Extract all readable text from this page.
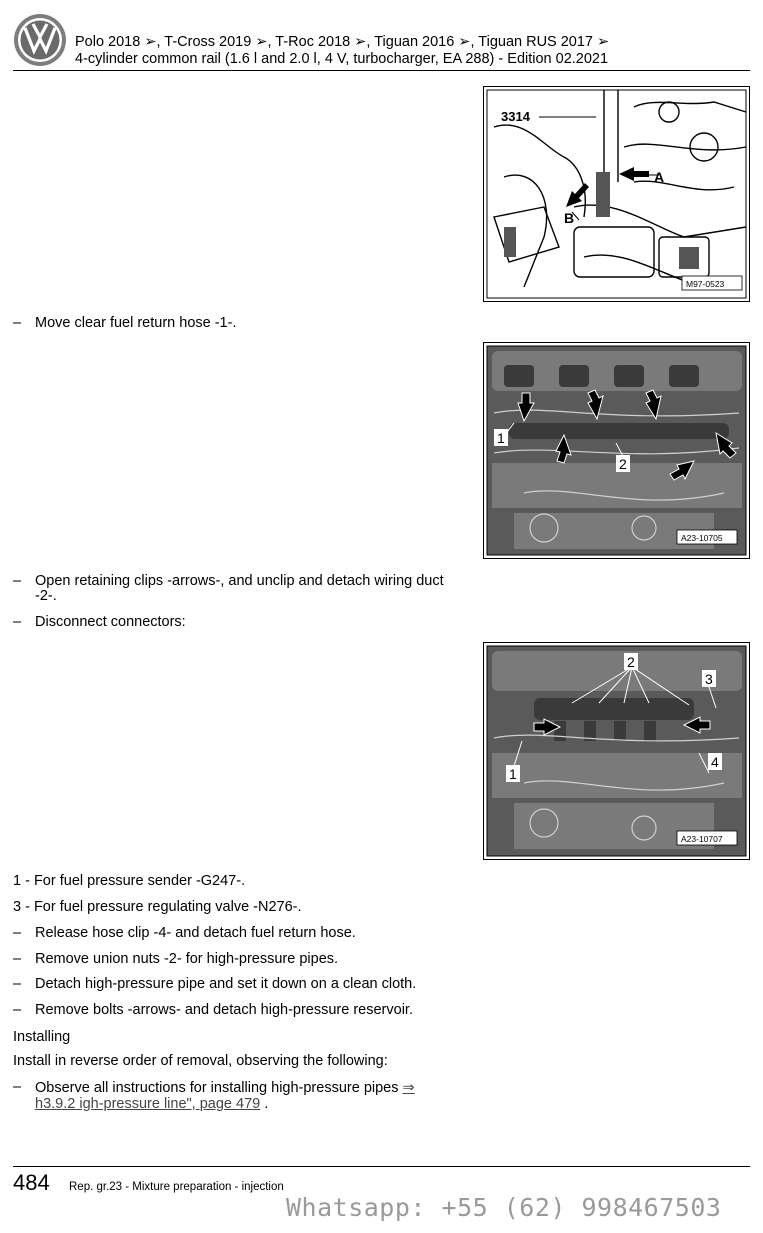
Polo 2018 ➢, T-Cross 2019 ➢, T-Roc 2018 ➢, Tiguan 2016 ➢, Tiguan RUS 2017 ➢
4-cylinder common rail (1.6 l and 2.0 l, 4 V, turbocharger, EA 288) - Edition 02.2021
3314
A
B
M97-0523
– Move clear fuel return hose -1-.
1
2
A23-10705
– Open retaining clips -arrows-, and unclip and detach wiring duct -2-.
– Disconnect connectors:
2
3
1
4
A23-10707
1 - For fuel pressure sender -G247-.
3 - For fuel pressure regulating valve -N276-.
– Release hose clip -4- and detach fuel return hose.
– Remove union nuts -2- for high-pressure pipes.
– Detach high-pressure pipe and set it down on a clean cloth.
– Remove bolts -arrows- and detach high-pressure reservoir.
Installing
Install in reverse order of removal, observing the following:
– Observe all instructions for installing high-pressure pipes ⇒
h3.9.2 igh-pressure line", page 479 .
484 Rep. gr.23 - Mixture preparation - injection
Whatsapp: +55 (62) 998467503
